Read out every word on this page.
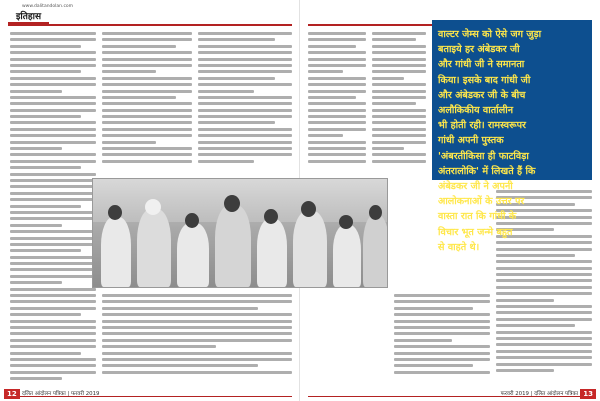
www.dalitandolan.com
इतिहास
12 दलित आंदोलन पत्रिका | फरवरी 2019	फरवरी 2019 | दलित आंदोलन पत्रिका 13
वाल्टर जेम्स को ऐसे जग जुड़ा
बताइये हर अंबेडकर जी
और गांधी जी ने समानता
किया। इसके बाद गांधी जी
और अंबेडकर जी के बीच
अलौकिकीय वार्तालीन
भी होती रही। रामस्वरूपर
गांधी अपनी पुस्तक
'अंबरतीकिसा ही फाटविड़ा
अंतरालोकि' में लिखते हैं कि
अंबेडकर जी ने अपनी
आलोकनाओं के उत्तर पर
वास्ता रात कि गांधी के
विचार भूत जन्मे बहुत
से वाहते थे।
